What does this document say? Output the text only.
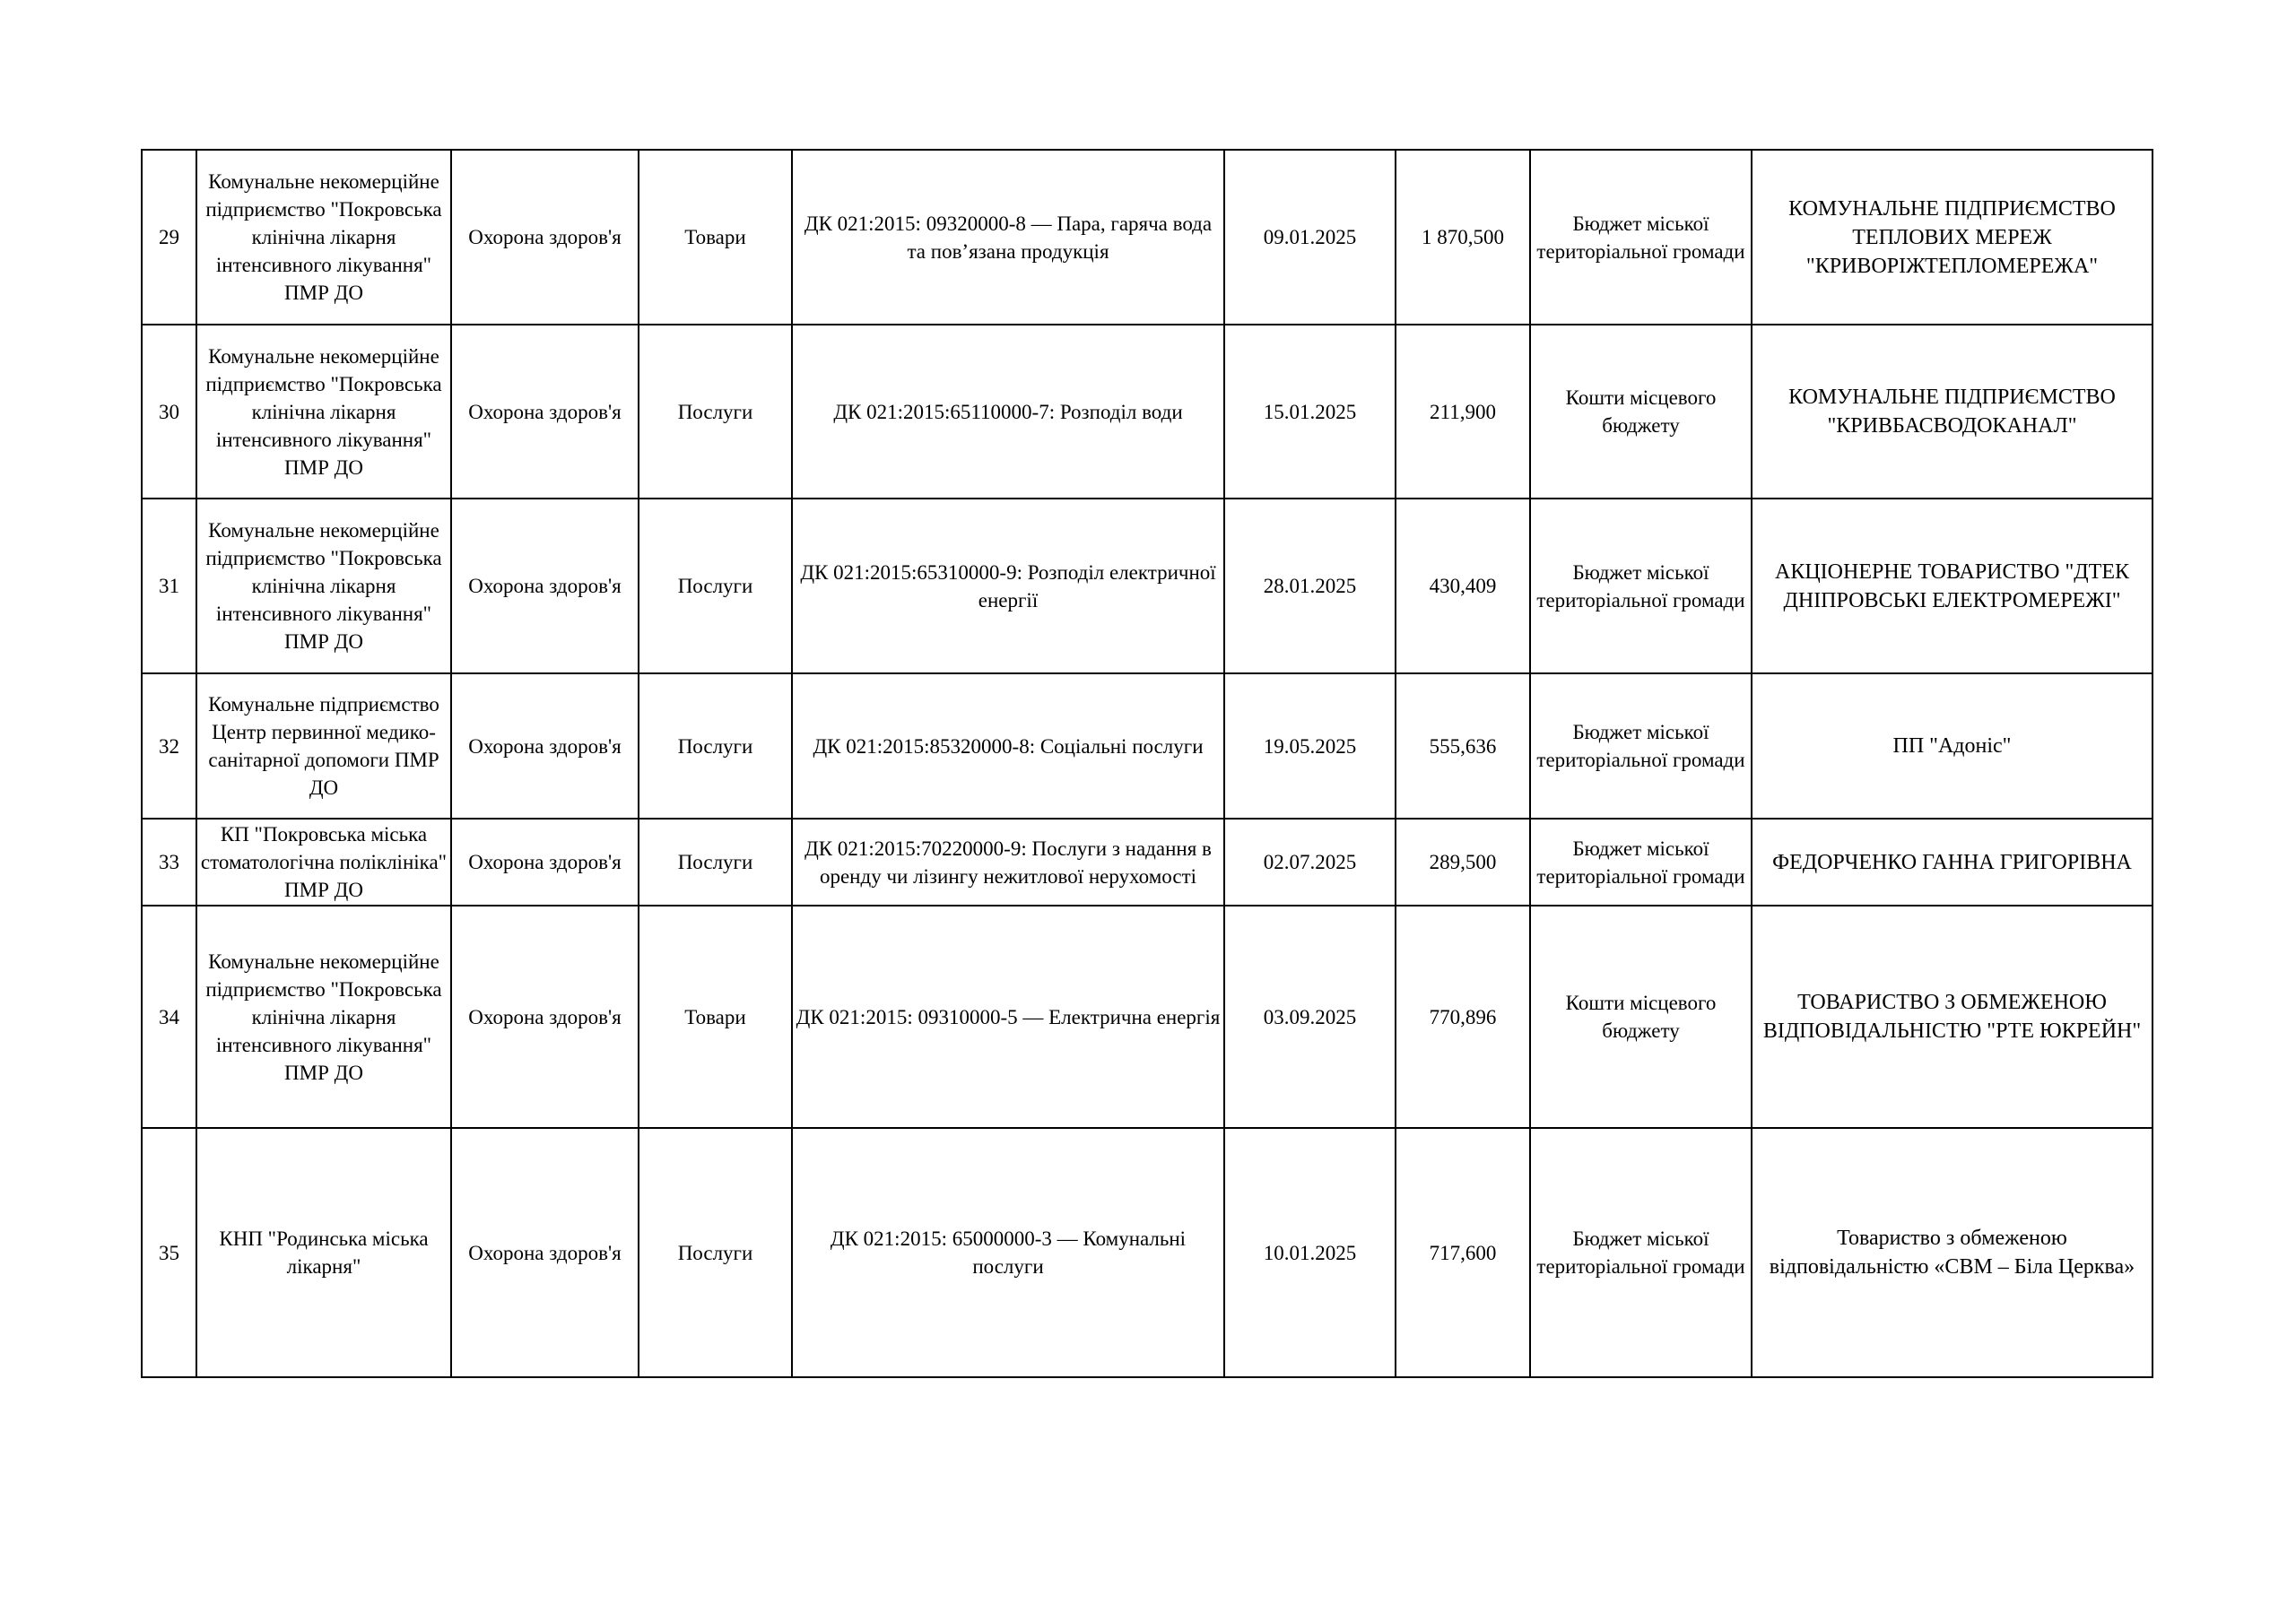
29	Комунальне некомерційне підприємство "Покровська клінічна лікарня інтенсивного лікування" ПМР ДО	Охорона здоров'я	Товари	ДК 021:2015: 09320000-8 — Пара, гаряча вода та пов’язана продукція	09.01.2025	1 870,500	Бюджет міської територіальної громади	КОМУНАЛЬНЕ ПІДПРИЄМСТВО ТЕПЛОВИХ МЕРЕЖ "КРИВОРІЖТЕПЛОМЕРЕЖА"
30	Комунальне некомерційне підприємство "Покровська клінічна лікарня інтенсивного лікування" ПМР ДО	Охорона здоров'я	Послуги	ДК 021:2015:65110000-7: Розподіл води	15.01.2025	211,900	Кошти місцевого бюджету	КОМУНАЛЬНЕ ПІДПРИЄМСТВО "КРИВБАСВОДОКАНАЛ"
31	Комунальне некомерційне підприємство "Покровська клінічна лікарня інтенсивного лікування" ПМР ДО	Охорона здоров'я	Послуги	ДК 021:2015:65310000-9: Розподіл електричної енергії	28.01.2025	430,409	Бюджет міської територіальної громади	АКЦІОНЕРНЕ ТОВАРИСТВО "ДТЕК ДНІПРОВСЬКІ ЕЛЕКТРОМЕРЕЖІ"
32	Комунальне підприємство Центр первинної медико-санітарної допомоги ПМР ДО	Охорона здоров'я	Послуги	ДК 021:2015:85320000-8: Соціальні послуги	19.05.2025	555,636	Бюджет міської територіальної громади	ПП "Адоніс"
33	КП "Покровська міська стоматологічна поліклініка" ПМР ДО	Охорона здоров'я	Послуги	ДК 021:2015:70220000-9: Послуги з надання в оренду чи лізингу нежитлової нерухомості	02.07.2025	289,500	Бюджет міської територіальної громади	ФЕДОРЧЕНКО ГАННА ГРИГОРІВНА
34	Комунальне некомерційне підприємство "Покровська клінічна лікарня інтенсивного лікування" ПМР ДО	Охорона здоров'я	Товари	ДК 021:2015: 09310000-5 — Електрична енергія	03.09.2025	770,896	Кошти місцевого бюджету	ТОВАРИСТВО З ОБМЕЖЕНОЮ ВІДПОВІДАЛЬНІСТЮ "РТЕ ЮКРЕЙН"
35	КНП "Родинська міська лікарня"	Охорона здоров'я	Послуги	ДК 021:2015: 65000000-3 — Комунальні послуги	10.01.2025	717,600	Бюджет міської територіальної громади	Товариство з обмеженою відповідальністю «СВМ – Біла Церква»
